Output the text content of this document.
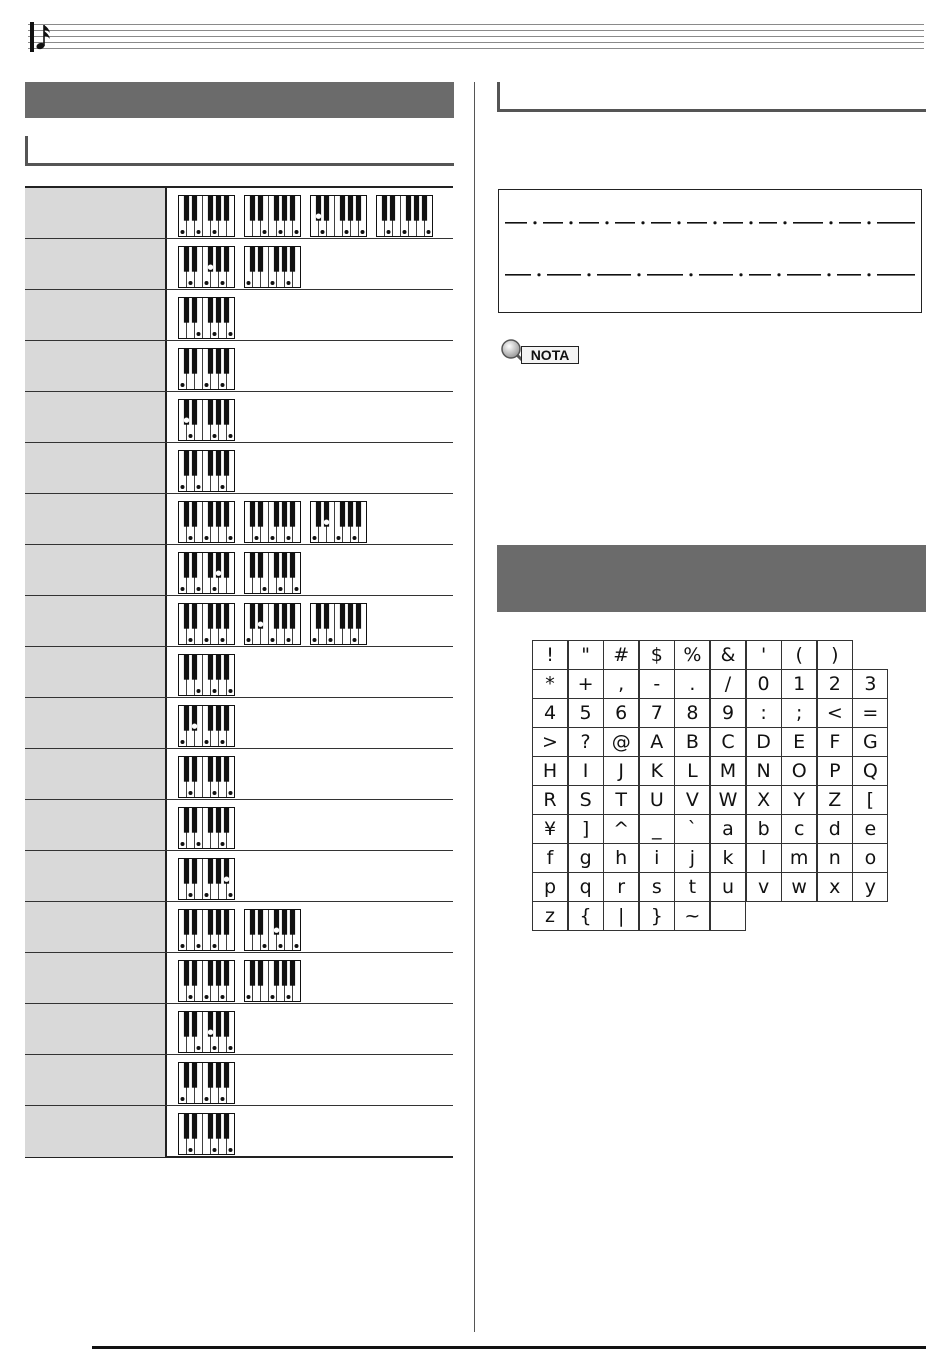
NOTA
!	"	#	$	%	&	'	(	)
*	+	,	-	.	/	0	1	2	3
4	5	6	7	8	9	:	;	<	=
>	?	@	A	B	C	D	E	F	G
H	I	J	K	L	M	N	O	P	Q
R	S	T	U	V	W	X	Y	Z	[
¥	]	^	_	`	a	b	c	d	e
f	g	h	i	j	k	l	m	n	o
p	q	r	s	t	u	v	w	x	y
z	{	|	}	~
